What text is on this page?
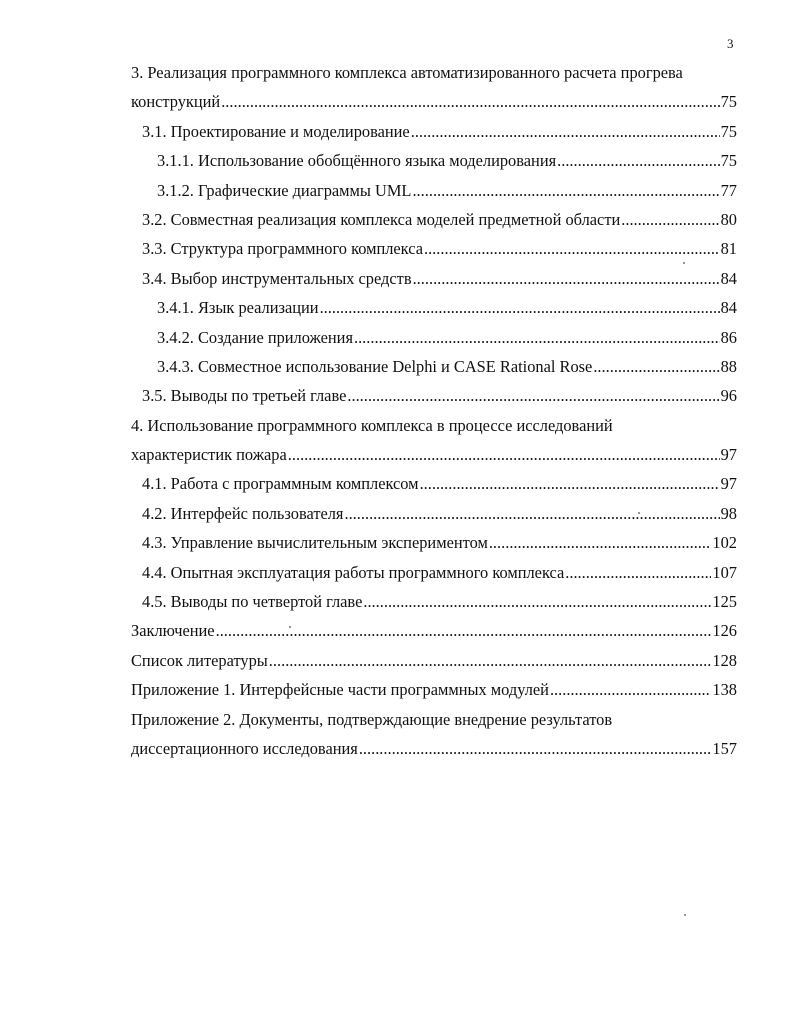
3
3. Реализация программного комплекса автоматизированного расчета прогрева
конструкций .....	75
3.1. Проектирование и моделирование .....	75
3.1.1. Использование обобщённого языка моделирования .....	75
3.1.2. Графические диаграммы UML .....	77
3.2. Совместная реализация комплекса моделей предметной области .....	80
3.3. Структура программного комплекса .....	81
3.4. Выбор инструментальных средств .....	84
3.4.1. Язык реализации .....	84
3.4.2. Создание приложения .....	86
3.4.3. Совместное использование Delphi и CASE Rational Rose .....	88
3.5. Выводы по третьей главе .....	96
4. Использование программного комплекса в процессе исследований
характеристик пожара .....	97
4.1. Работа с программным комплексом .....	97
4.2. Интерфейс пользователя .....	98
4.3. Управление вычислительным экспериментом .....	102
4.4. Опытная эксплуатация работы программного комплекса .....	107
4.5. Выводы по четвертой главе .....	125
Заключение .....	126
Список литературы .....	128
Приложение 1. Интерфейсные части программных модулей .....	138
Приложение 2. Документы, подтверждающие внедрение результатов
диссертационного исследования .....	157
